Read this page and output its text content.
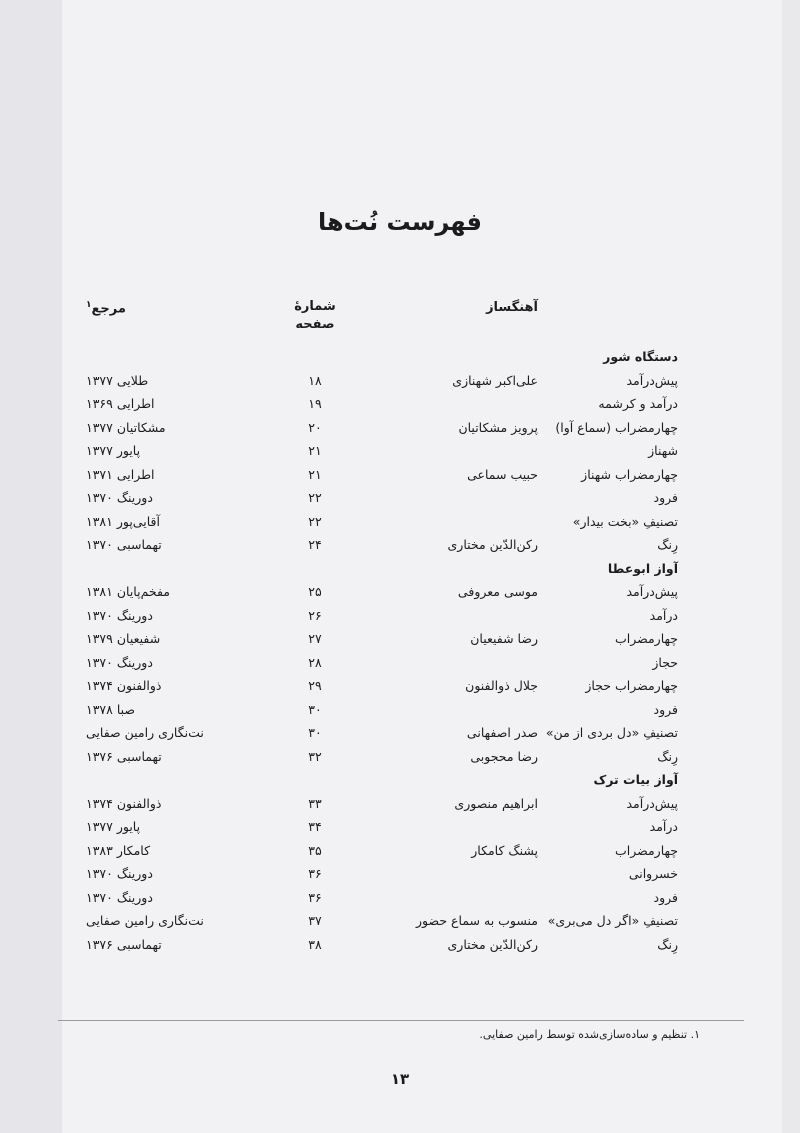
فهرست نُت‌ها
آهنگساز
شمارهٔ
صفحه
مرجع$^۱$
دستگاه شور
پیش‌درآمد
علی‌اکبر شهنازی
۱۸
طلایی ۱۳۷۷
درآمد و کرشمه
۱۹
اطرایی ۱۳۶۹
چهارمضراب (سماع آوا)
پرویز مشکاتیان
۲۰
مشکاتیان ۱۳۷۷
شهناز
۲۱
پایور ۱۳۷۷
چهارمضراب شهناز
حبیب سماعی
۲۱
اطرایی ۱۳۷۱
فرود
۲۲
دورینگ ۱۳۷۰
تصنیفِ «بخت بیدار»
۲۲
آقایی‌پور ۱۳۸۱
رِنگ
رکن‌الدّین مختاری
۲۴
تهماسبی ۱۳۷۰
آواز ابوعطا
پیش‌درآمد
موسی معروفی
۲۵
مفخم‌پایان ۱۳۸۱
درآمد
۲۶
دورینگ ۱۳۷۰
چهارمضراب
رضا شفیعیان
۲۷
شفیعیان ۱۳۷۹
حجاز
۲۸
دورینگ ۱۳۷۰
چهارمضراب حجاز
جلال ذوالفنون
۲۹
ذوالفنون ۱۳۷۴
فرود
۳۰
صبا ۱۳۷۸
تصنیفِ «دل بردی از من»
صدر اصفهانی
۳۰
نت‌نگاری رامین صفایی
رِنگ
رضا محجوبی
۳۲
تهماسبی ۱۳۷۶
آواز بیات ترک
پیش‌درآمد
ابراهیم منصوری
۳۳
ذوالفنون ۱۳۷۴
درآمد
۳۴
پایور ۱۳۷۷
چهارمضراب
پشنگ کامکار
۳۵
کامکار ۱۳۸۳
خسروانی
۳۶
دورینگ ۱۳۷۰
فرود
۳۶
دورینگ ۱۳۷۰
تصنیفِ «اگر دل می‌بری»
منسوب به سماع حضور
۳۷
نت‌نگاری رامین صفایی
رِنگ
رکن‌الدّین مختاری
۳۸
تهماسبی ۱۳۷۶
۱. تنظیم و ساده‌سازی‌شده توسط رامین صفایی.
۱۳
